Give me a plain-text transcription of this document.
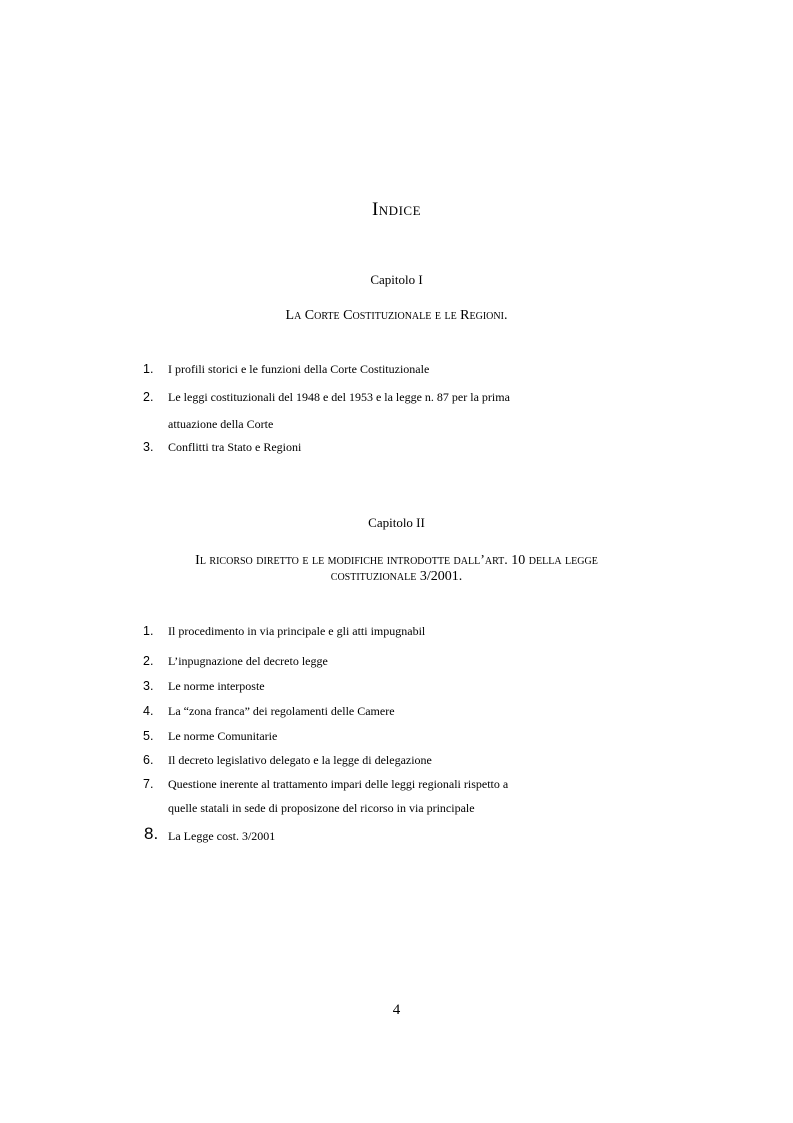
Indice
Capitolo I
La Corte Costituzionale e le Regioni.
1. I profili storici e le funzioni della Corte Costituzionale
2. Le leggi costituzionali del 1948 e del 1953 e la legge n. 87 per la prima
attuazione della Corte
3. Conflitti tra Stato e Regioni
Capitolo II
Il ricorso diretto e le modifiche introdotte dall’art. 10 della legge
costituzionale 3/2001.
1. Il procedimento in via principale e gli atti impugnabil
2. L’inpugnazione del decreto legge
3. Le norme interposte
4. La “zona franca” dei regolamenti delle Camere
5. Le norme Comunitarie
6. Il decreto legislativo delegato e la legge di delegazione
7. Questione inerente al trattamento impari delle leggi regionali rispetto a
quelle statali in sede di proposizone del ricorso in via principale
8. La Legge cost. 3/2001
4
